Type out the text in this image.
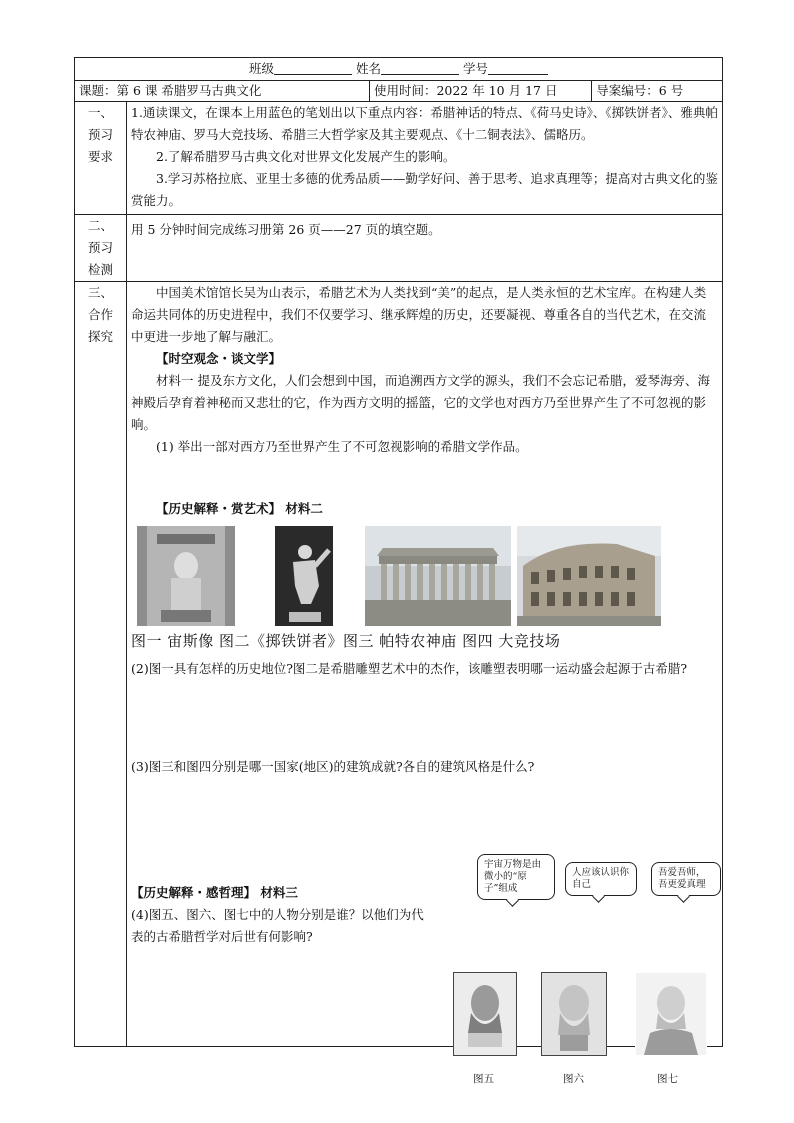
班级	姓名	学号

课题：第 6 课 希腊罗马古典文化	使用时间：2022 年 10 月 17 日	导案编号：6 号

一、
预习
要求

1.通读课文，在课本上用蓝色的笔划出以下重点内容：希腊神话的特点、《荷马史诗》、《掷铁饼者》、雅典帕特农神庙、罗马大竞技场、希腊三大哲学家及其主要观点、《十二铜表法》、儒略历。
2.了解希腊罗马古典文化对世界文化发展产生的影响。
3.学习苏格拉底、亚里士多德的优秀品质——勤学好问、善于思考、追求真理等；提高对古典文化的鉴赏能力。

二、
预习
检测

用 5 分钟时间完成练习册第 26 页——27 页的填空题。

三、
合作
探究

中国美术馆馆长吴为山表示，希腊艺术为人类找到“美”的起点，是人类永恒的艺术宝库。在构建人类命运共同体的历史进程中，我们不仅要学习、继承辉煌的历史，还要凝视、尊重各自的当代艺术，在交流中更进一步地了解与融汇。
【时空观念・谈文学】
材料一 提及东方文化，人们会想到中国，而追溯西方文学的源头，我们不会忘记希腊，爱琴海旁、海神殿后孕育着神秘而又悲壮的它，作为西方文明的摇篮，它的文学也对西方乃至世界产生了不可忽视的影响。
(1) 举出一部对西方乃至世界产生了不可忽视影响的希腊文学作品。
【历史解释・赏艺术】 材料二
图一 宙斯像 图二《掷铁饼者》图三 帕特农神庙 图四 大竞技场
(2)图一具有怎样的历史地位?图二是希腊雕塑艺术中的杰作，该雕塑表明哪一运动盛会起源于古希腊?
(3)图三和图四分别是哪一国家(地区)的建筑成就?各自的建筑风格是什么?
【历史解释・感哲理】 材料三
(4)图五、图六、图七中的人物分别是谁？以他们为代表的古希腊哲学对后世有何影响?
宇宙万物是由微小的“原子”组成
人应该认识你自己
吾爱吾师，吾更爱真理
图五	图六	图七
